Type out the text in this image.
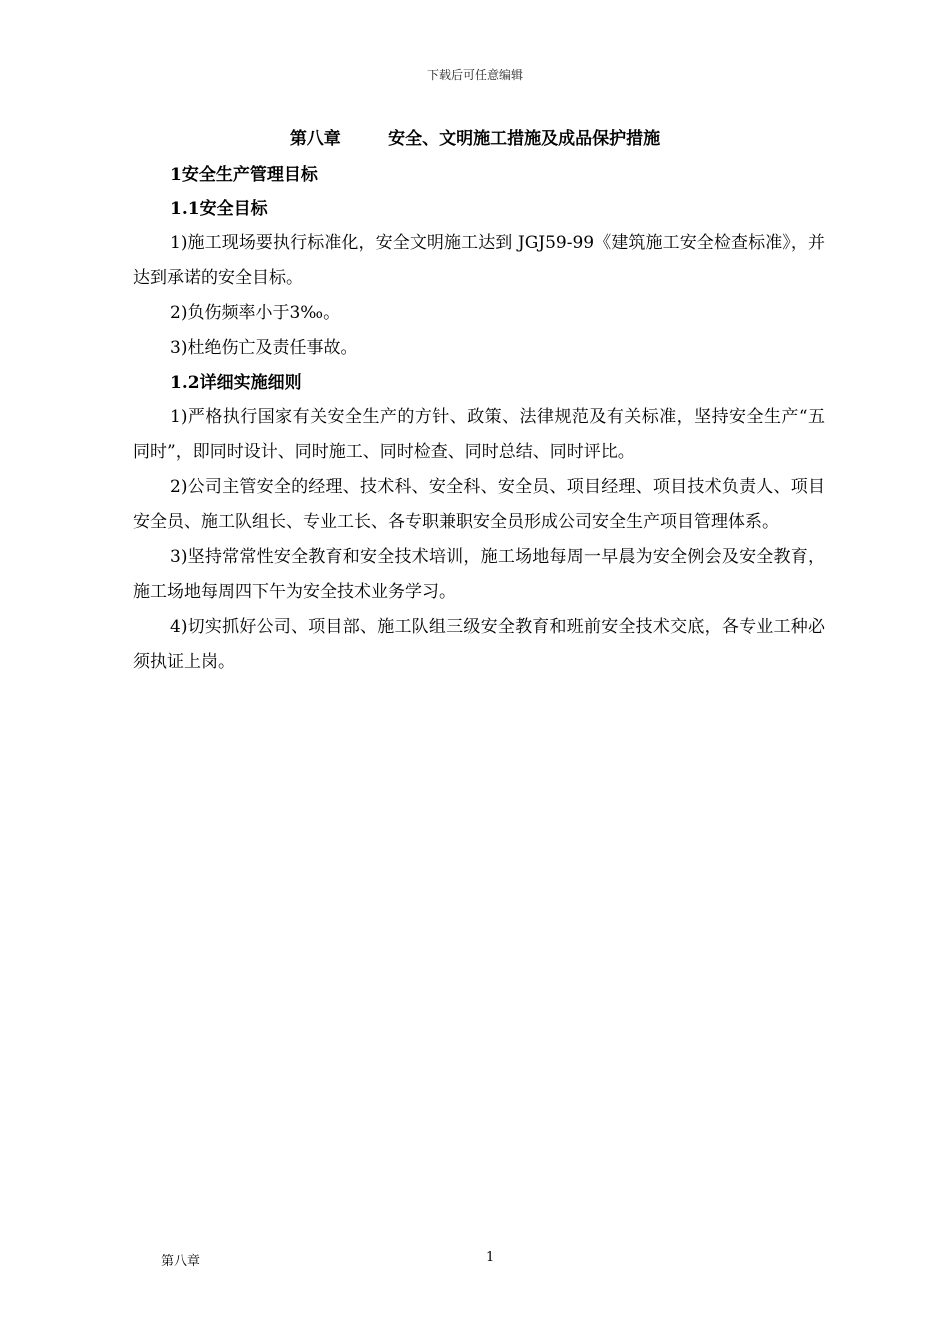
下载后可任意编辑
第八章        安全、文明施工措施及成品保护措施

1安全生产管理目标

1.1安全目标

1)施工现场要执行标准化，安全文明施工达到 JGJ59-99《建筑施工安全检查标准》，并达到承诺的安全目标。

2)负伤频率小于3‰。

3)杜绝伤亡及责任事故。

1.2详细实施细则

1)严格执行国家有关安全生产的方针、政策、法律规范及有关标准，坚持安全生产“五同时”，即同时设计、同时施工、同时检查、同时总结、同时评比。

2)公司主管安全的经理、技术科、安全科、安全员、项目经理、项目技术负责人、项目安全员、施工队组长、专业工长、各专职兼职安全员形成公司安全生产项目管理体系。

3)坚持常常性安全教育和安全技术培训，施工场地每周一早晨为安全例会及安全教育，施工场地每周四下午为安全技术业务学习。

4)切实抓好公司、项目部、施工队组三级安全教育和班前安全技术交底，各专业工种必须执证上岗。

第八章	1
